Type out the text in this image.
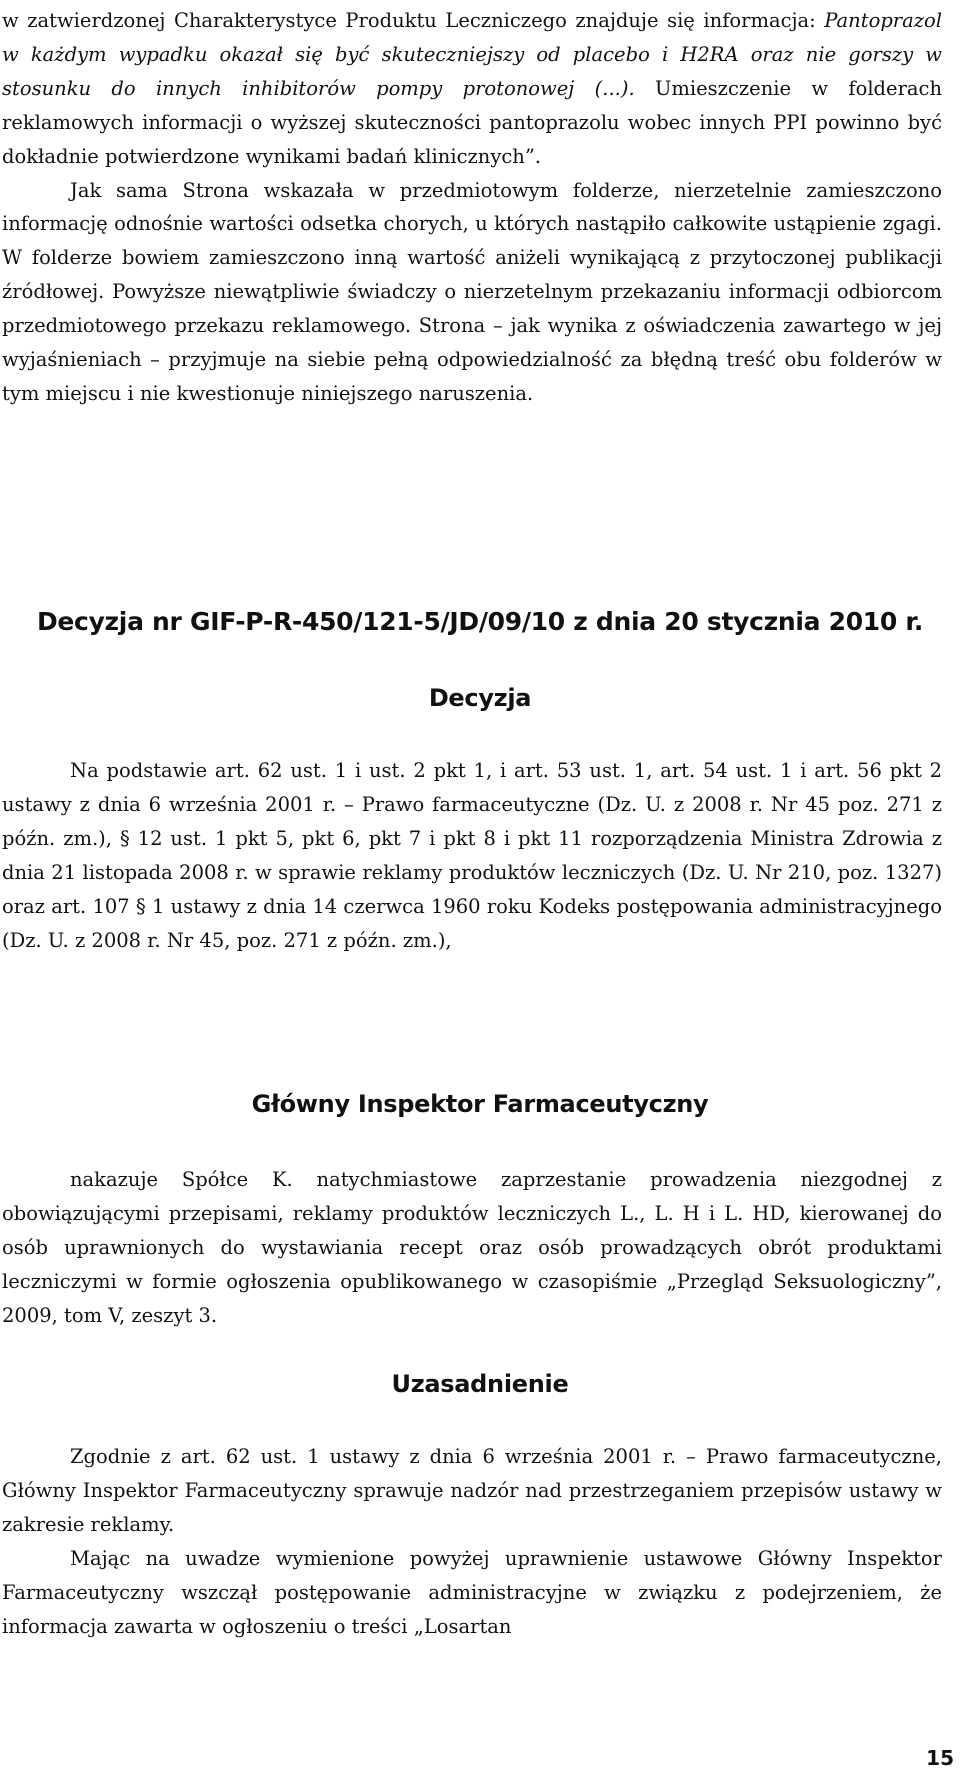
w zatwierdzonej Charakterystyce Produktu Leczniczego znajduje się informacja: Pantoprazol w każdym wypadku okazał się być skuteczniejszy od placebo i H2RA oraz nie gorszy w stosunku do innych inhibitorów pompy protonowej (...). Umieszczenie w folderach reklamowych informacji o wyższej skuteczności pantoprazolu wobec innych PPI powinno być dokładnie potwierdzone wynikami badań klinicznych”.

Jak sama Strona wskazała w przedmiotowym folderze, nierzetelnie zamieszczono informację odnośnie wartości odsetka chorych, u których nastąpiło całkowite ustąpienie zgagi. W folderze bowiem zamieszczono inną wartość aniżeli wynikającą z przytoczonej publikacji źródłowej. Powyższe niewątpliwie świadczy o nierzetelnym przekazaniu informacji odbiorcom przedmiotowego przekazu reklamowego. Strona – jak wynika z oświadczenia zawartego w jej wyjaśnieniach – przyjmuje na siebie pełną odpowiedzialność za błędną treść obu folderów w tym miejscu i nie kwestionuje niniejszego naruszenia.

Decyzja nr GIF-P-R-450/121-5/JD/09/10 z dnia 20 stycznia 2010 r.
Decyzja

Na podstawie art. 62 ust. 1 i ust. 2 pkt 1, i art. 53 ust. 1, art. 54 ust. 1 i art. 56 pkt 2 ustawy z dnia 6 września 2001 r. – Prawo farmaceutyczne (Dz. U. z 2008 r. Nr 45 poz. 271 z późn. zm.), § 12 ust. 1 pkt 5, pkt 6, pkt 7 i pkt 8 i pkt 11 rozporządzenia Ministra Zdrowia z dnia 21 listopada 2008 r. w sprawie reklamy produktów leczniczych (Dz. U. Nr 210, poz. 1327) oraz art. 107 § 1 ustawy z dnia 14 czerwca 1960 roku Kodeks postępowania administracyjnego (Dz. U. z 2008 r. Nr 45, poz. 271 z późn. zm.),

Główny Inspektor Farmaceutyczny

nakazuje Spółce K. natychmiastowe zaprzestanie prowadzenia niezgodnej z obowiązującymi przepisami, reklamy produktów leczniczych L., L. H i L. HD, kierowanej do osób uprawnionych do wystawiania recept oraz osób prowadzących obrót produktami leczniczymi w formie ogłoszenia opublikowanego w czasopiśmie „Przegląd Seksuologiczny”, 2009, tom V, zeszyt 3.

Uzasadnienie

Zgodnie z art. 62 ust. 1 ustawy z dnia 6 września 2001 r. – Prawo farmaceutyczne, Główny Inspektor Farmaceutyczny sprawuje nadzór nad przestrzeganiem przepisów ustawy w zakresie reklamy.

Mając na uwadze wymienione powyżej uprawnienie ustawowe Główny Inspektor Farmaceutyczny wszczął postępowanie administracyjne w związku z podejrzeniem, że informacja zawarta w ogłoszeniu o treści „Losartan

15
